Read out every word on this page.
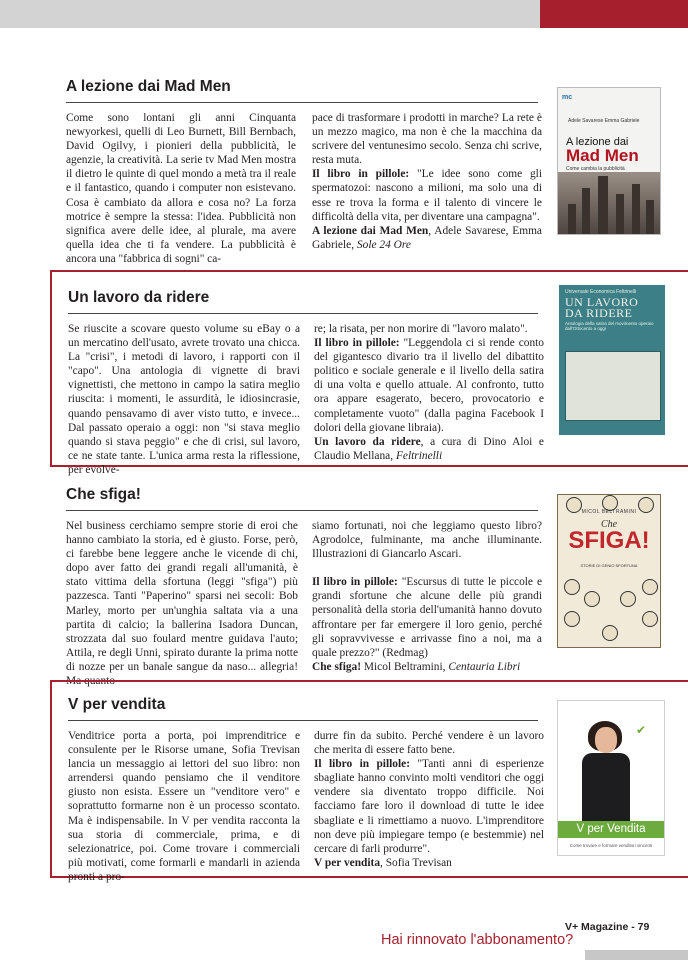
A lezione dai Mad Men

Come sono lontani gli anni Cinquanta newyorkesi, quelli di Leo Burnett, Bill Bernbach, David Ogilvy, i pionieri della pubblicità, le agenzie, la creatività. La serie tv Mad Men mostra il dietro le quinte di quel mondo a metà tra il reale e il fantastico, quando i computer non esistevano. Cosa è cambiato da allora e cosa no? La forza motrice è sempre la stessa: l'idea. Pubblicità non significa avere delle idee, al plurale, ma avere quella idea che ti fa vendere. La pubblicità è ancora una "fabbrica di sogni" ca-

pace di trasformare i prodotti in marche? La rete è un mezzo magico, ma non è che la macchina da scrivere del ventunesimo secolo. Senza chi scrive, resta muta.

Il libro in pillole: "Le idee sono come gli spermatozoi: nascono a milioni, ma solo una di esse re trova la forma e il talento di vincere le difficoltà della vita, per diventare una campagna".

A lezione dai Mad Men, Adele Savarese, Emma Gabriele, Sole 24 Ore

mc
Adele Savarese Emma Gabriele
A lezione dai
Mad Men
Come cambia la pubblicità
Un lavoro da ridere

Se riuscite a scovare questo volume su eBay o a un mercatino dell'usato, avrete trovato una chicca. La "crisi", i metodi di lavoro, i rapporti con il "capo". Una antologia di vignette di bravi vignettisti, che mettono in campo la satira meglio riuscita: i momenti, le assurdità, le idiosincrasie, quando pensavamo di aver visto tutto, e invece... Dal passato operaio a oggi: non "si stava meglio quando si stava peggio" e che di crisi, sul lavoro, ce ne state tante. L'unica arma resta la riflessione, per evolve-

re; la risata, per non morire di "lavoro malato".

Il libro in pillole: "Leggendola ci si rende conto del gigantesco divario tra il livello del dibattito politico e sociale generale e il livello della satira di una volta e quello attuale. Al confronto, tutto ora appare esagerato, becero, provocatorio e completamente vuoto" (dalla pagina Facebook I dolori della giovane libraia).

Un lavoro da ridere, a cura di Dino Aloi e Claudio Mellana, Feltrinelli

Universale Economica Feltrinelli
UN LAVORO
DA RIDERE
Antologia della satira del movimento operaio dall'Ottocento a oggi
Che sfiga!

Nel business cerchiamo sempre storie di eroi che hanno cambiato la storia, ed è giusto. Forse, però, ci farebbe bene leggere anche le vicende di chi, dopo aver fatto dei grandi regali all'umanità, è stato vittima della sfortuna (leggi "sfiga") più pazzesca. Tanti "Paperino" sparsi nei secoli: Bob Marley, morto per un'unghia saltata via a una partita di calcio; la ballerina Isadora Duncan, strozzata dal suo foulard mentre guidava l'auto; Attila, re degli Unni, spirato durante la prima notte di nozze per un banale sangue da naso... allegria! Ma quanto

siamo fortunati, noi che leggiamo questo libro? Agrodolce, fulminante, ma anche illuminante. Illustrazioni di Giancarlo Ascari.

Il libro in pillole: "Escursus di tutte le piccole e grandi sfortune che alcune delle più grandi personalità della storia dell'umanità hanno dovuto affrontare per far emergere il loro genio, perché gli sopravvivesse e arrivasse fino a noi, ma a quale prezzo?" (Redmag)

Che sfiga! Micol Beltramini, Centauria Libri

MICOL BELTRAMINI
Che
SFIGA!
STORIE DI GENIO SFORTUNA
V per vendita

Venditrice porta a porta, poi imprenditrice e consulente per le Risorse umane, Sofia Trevisan lancia un messaggio ai lettori del suo libro: non arrendersi quando pensiamo che il venditore giusto non esista. Essere un "venditore vero" e soprattutto formarne non è un processo scontato. Ma è indispensabile. In V per vendita racconta la sua storia di commerciale, prima, e di selezionatrice, poi. Come trovare i commerciali più motivati, come formarli e mandarli in azienda pronti a pro-

durre fin da subito. Perché vendere è un lavoro che merita di essere fatto bene.

Il libro in pillole: "Tanti anni di esperienze sbagliate hanno convinto molti venditori che oggi vendere sia diventato troppo difficile. Noi facciamo fare loro il download di tutte le idee sbagliate e li rimettiamo a nuovo. L'imprenditore non deve più impiegare tempo (e bestemmie) nel cercare di farli produrre".

V per vendita, Sofia Trevisan

✔
V per Vendita
Come trovare e formare venditori vincenti
V+ Magazine - 79
Hai rinnovato l'abbonamento?
